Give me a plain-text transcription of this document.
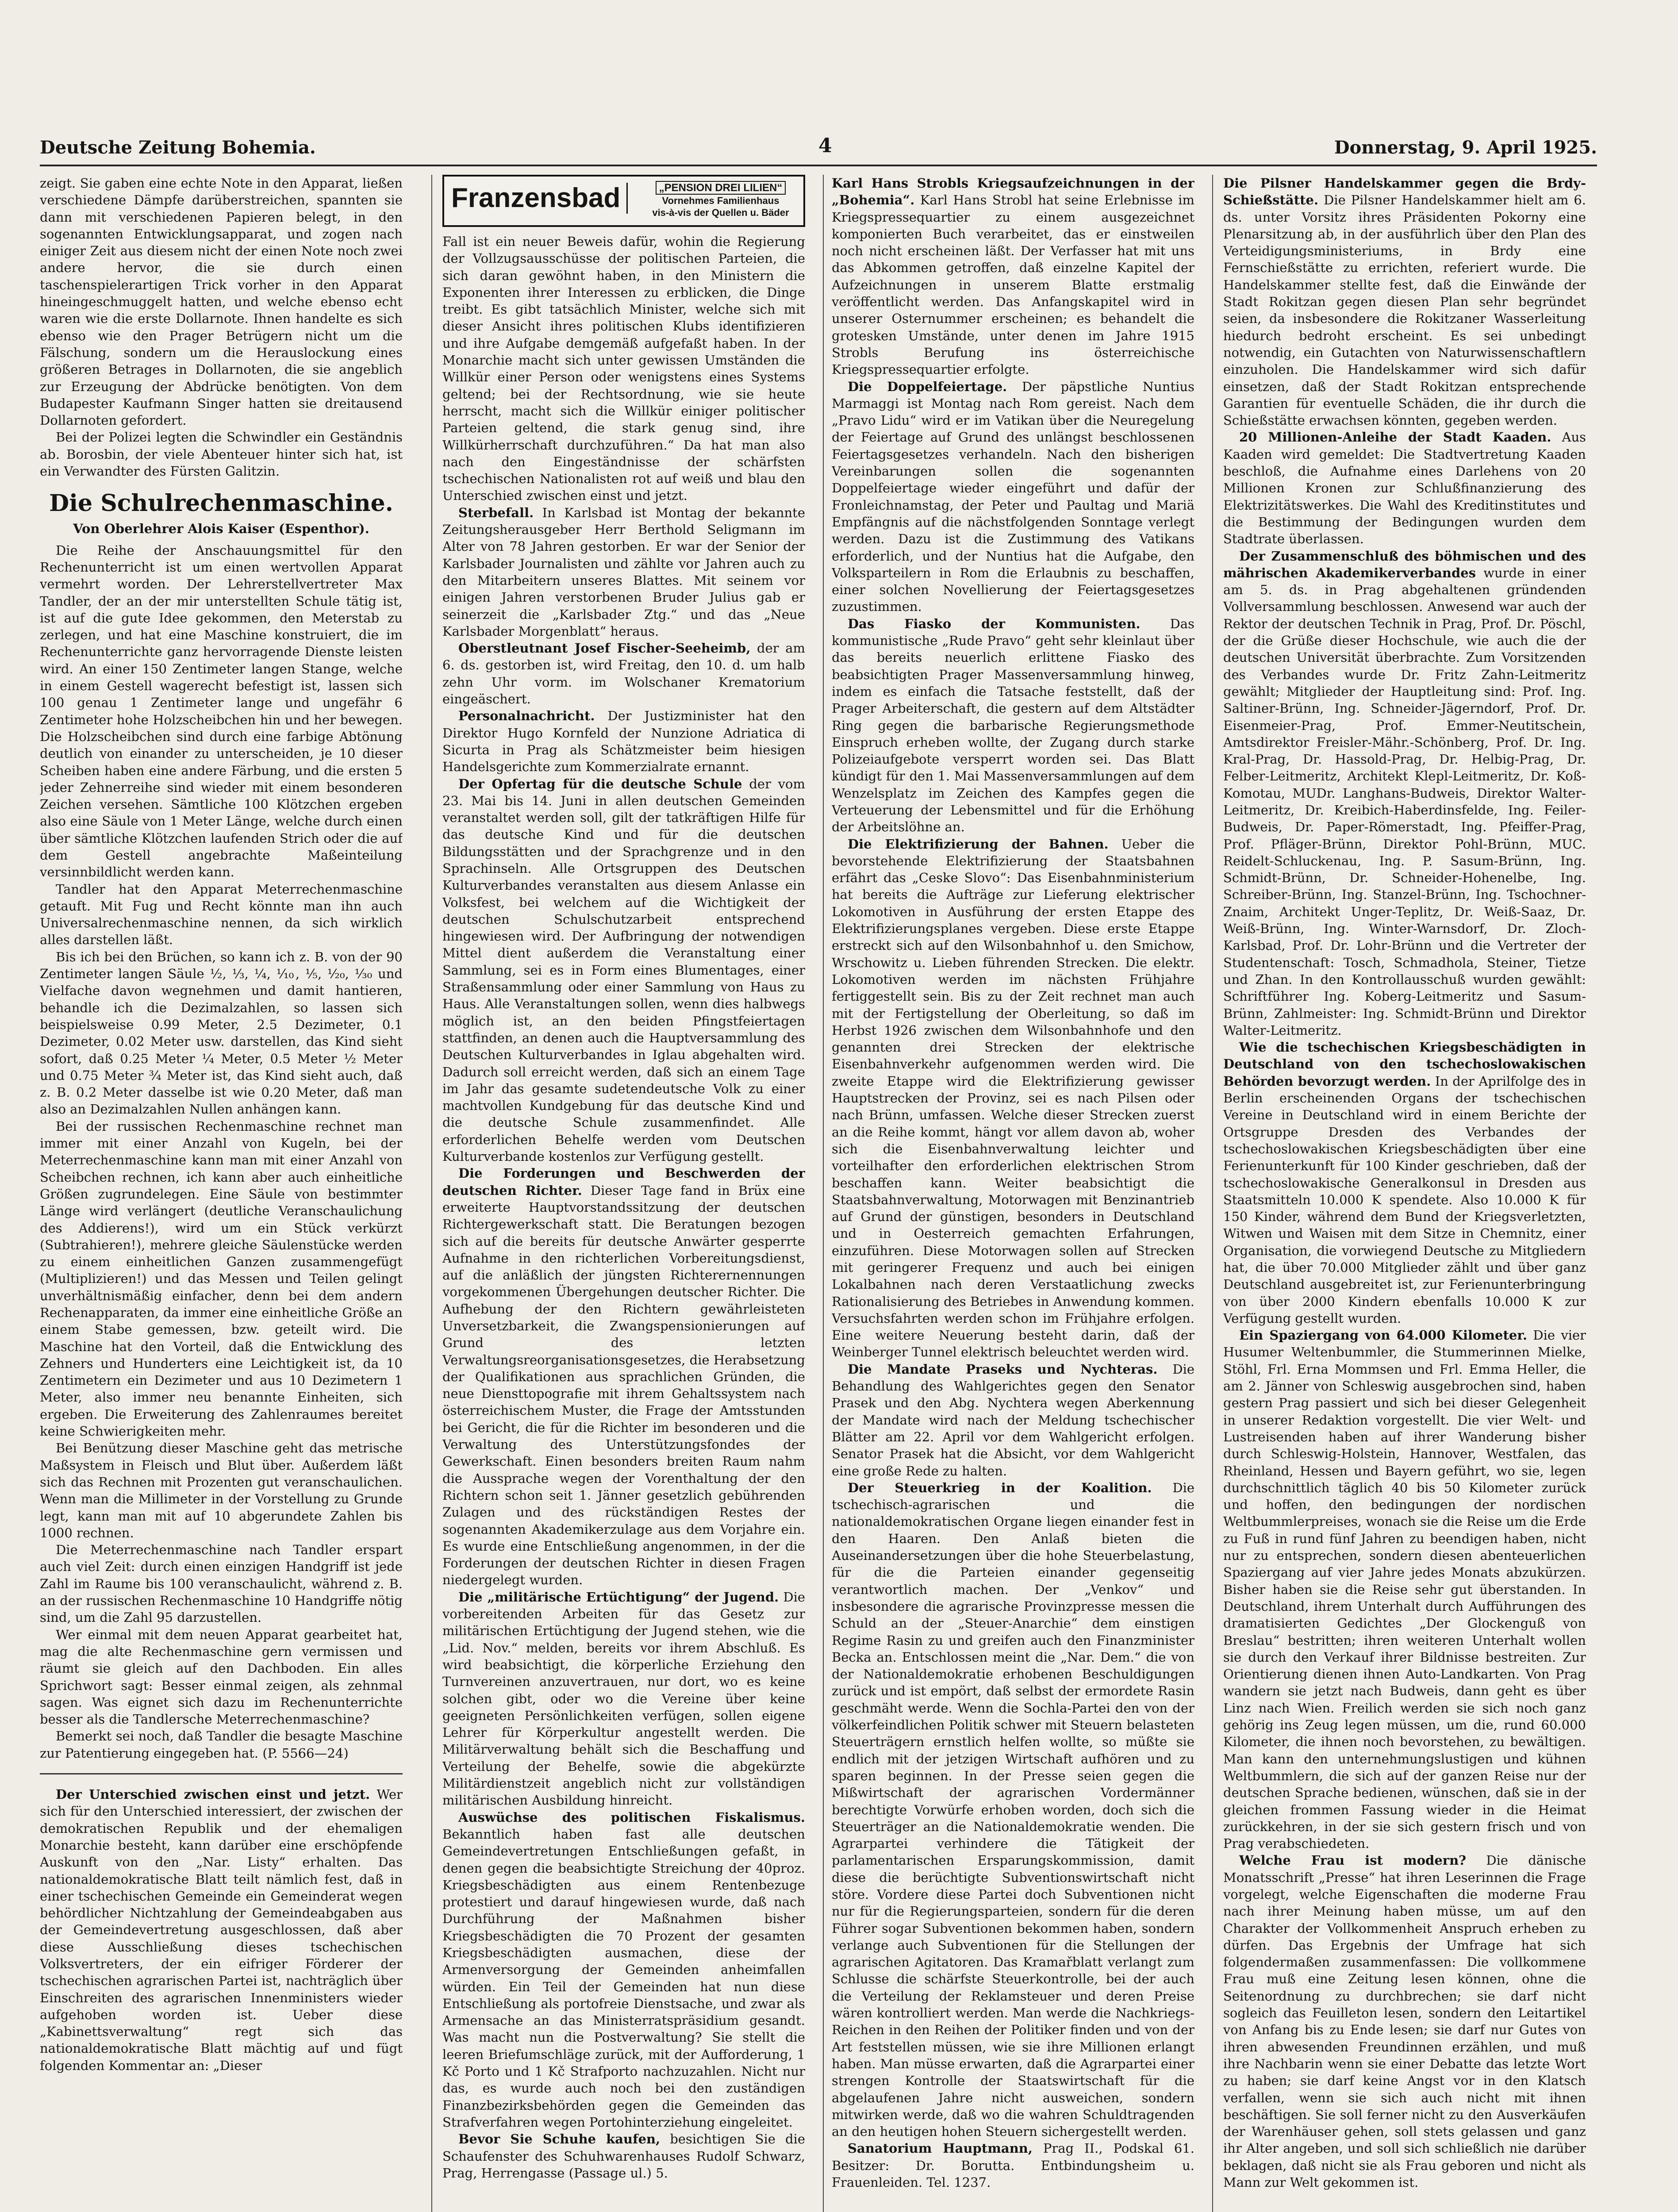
Deutsche Zeitung Bohemia.	4	Donnerstag, 9. April 1925.

zeigt. Sie gaben eine echte Note in den Apparat, ließen verschiedene Dämpfe darüberstreichen, spannten sie dann mit verschiedenen Papieren belegt, in den sogenannten Entwicklungsapparat, und zogen nach einiger Zeit aus diesem nicht der einen Note noch zwei andere hervor, die sie durch einen taschenspielerartigen Trick vorher in den Apparat hineingeschmuggelt hatten, und welche ebenso echt waren wie die erste Dollarnote. Ihnen handelte es sich ebenso wie den Prager Betrügern nicht um die Fälschung, sondern um die Herauslockung eines größeren Betrages in Dollarnoten, die sie angeblich zur Erzeugung der Abdrücke benötigten. Von dem Budapester Kaufmann Singer hatten sie dreitausend Dollarnoten gefordert.

Bei der Polizei legten die Schwindler ein Geständnis ab. Borosbin, der viele Abenteuer hinter sich hat, ist ein Verwandter des Fürsten Galitzin.

Die Schulrechenmaschine.

Von Oberlehrer Alois Kaiser (Espenthor).

Die Reihe der Anschauungsmittel für den Rechenunterricht ist um einen wertvollen Apparat vermehrt worden. Der Lehrerstellvertreter Max Tandler, der an der mir unterstellten Schule tätig ist, ist auf die gute Idee gekommen, den Meterstab zu zerlegen, und hat eine Maschine konstruiert, die im Rechenunterrichte ganz hervorragende Dienste leisten wird. An einer 150 Zentimeter langen Stange, welche in einem Gestell wagerecht befestigt ist, lassen sich 100 genau 1 Zentimeter lange und ungefähr 6 Zentimeter hohe Holzscheibchen hin und her bewegen. Die Holzscheibchen sind durch eine farbige Abtönung deutlich von einander zu unterscheiden, je 10 dieser Scheiben haben eine andere Färbung, und die ersten 5 jeder Zehnerreihe sind wieder mit einem besonderen Zeichen versehen. Sämtliche 100 Klötzchen ergeben also eine Säule von 1 Meter Länge, welche durch einen über sämtliche Klötzchen laufenden Strich oder die auf dem Gestell angebrachte Maßeinteilung versinnbildlicht werden kann.

Tandler hat den Apparat Meterrechenmaschine getauft. Mit Fug und Recht könnte man ihn auch Universalrechenmaschine nennen, da sich wirklich alles darstellen läßt.

Bis ich bei den Brüchen, so kann ich z. B. von der 90 Zentimeter langen Säule ½, ⅓, ¼, ⅒, ⅕, ⅟₂₀, ⅟₃₀ und Vielfache davon wegnehmen und damit hantieren, behandle ich die Dezimalzahlen, so lassen sich beispielsweise 0.99 Meter, 2.5 Dezimeter, 0.1 Dezimeter, 0.02 Meter usw. darstellen, das Kind sieht sofort, daß 0.25 Meter ¼ Meter, 0.5 Meter ½ Meter und 0.75 Meter ¾ Meter ist, das Kind sieht auch, daß z. B. 0.2 Meter dasselbe ist wie 0.20 Meter, daß man also an Dezimalzahlen Nullen anhängen kann.

Bei der russischen Rechenmaschine rechnet man immer mit einer Anzahl von Kugeln, bei der Meterrechenmaschine kann man mit einer Anzahl von Scheibchen rechnen, ich kann aber auch einheitliche Größen zugrundelegen. Eine Säule von bestimmter Länge wird verlängert (deutliche Veranschaulichung des Addierens!), wird um ein Stück verkürzt (Subtrahieren!), mehrere gleiche Säulenstücke werden zu einem einheitlichen Ganzen zusammengefügt (Multiplizieren!) und das Messen und Teilen gelingt unverhältnismäßig einfacher, denn bei dem andern Rechenapparaten, da immer eine einheitliche Größe an einem Stabe gemessen, bzw. geteilt wird. Die Maschine hat den Vorteil, daß die Entwicklung des Zehners und Hunderters eine Leichtigkeit ist, da 10 Zentimetern ein Dezimeter und aus 10 Dezimetern 1 Meter, also immer neu benannte Einheiten, sich ergeben. Die Erweiterung des Zahlenraumes bereitet keine Schwierigkeiten mehr.

Bei Benützung dieser Maschine geht das metrische Maßsystem in Fleisch und Blut über. Außerdem läßt sich das Rechnen mit Prozenten gut veranschaulichen. Wenn man die Millimeter in der Vorstellung zu Grunde legt, kann man mit auf 10 abgerundete Zahlen bis 1000 rechnen.

Die Meterrechenmaschine nach Tandler erspart auch viel Zeit: durch einen einzigen Handgriff ist jede Zahl im Raume bis 100 veranschaulicht, während z. B. an der russischen Rechenmaschine 10 Handgriffe nötig sind, um die Zahl 95 darzustellen.

Wer einmal mit dem neuen Apparat gearbeitet hat, mag die alte Rechenmaschine gern vermissen und räumt sie gleich auf den Dachboden. Ein alles Sprichwort sagt: Besser einmal zeigen, als zehnmal sagen. Was eignet sich dazu im Rechenunterrichte besser als die Tandlersche Meterrechenmaschine?

Bemerkt sei noch, daß Tandler die besagte Maschine zur Patentierung eingegeben hat. (P. 5566—24)

Der Unterschied zwischen einst und jetzt. Wer sich für den Unterschied interessiert, der zwischen der demokratischen Republik und der ehemaligen Monarchie besteht, kann darüber eine erschöpfende Auskunft von den „Nar. Listy“ erhalten. Das nationaldemokratische Blatt teilt nämlich fest, daß in einer tschechischen Gemeinde ein Gemeinderat wegen behördlicher Nichtzahlung der Gemeindeabgaben aus der Gemeindevertretung ausgeschlossen, daß aber diese Ausschließung dieses tschechischen Volksvertreters, der ein eifriger Förderer der tschechischen agrarischen Partei ist, nachträglich über Einschreiten des agrarischen Innenministers wieder aufgehoben worden ist. Ueber diese „Kabinettsverwaltung“ regt sich das nationaldemokratische Blatt mächtig auf und fügt folgenden Kommentar an: „Dieser

Franzensbad	„PENSION DREI LILIEN“
Vornehmes Familienhaus
vis-à-vis der Quellen u. Bäder

Fall ist ein neuer Beweis dafür, wohin die Regierung der Vollzugsausschüsse der politischen Parteien, die sich daran gewöhnt haben, in den Ministern die Exponenten ihrer Interessen zu erblicken, die Dinge treibt. Es gibt tatsächlich Minister, welche sich mit dieser Ansicht ihres politischen Klubs identifizieren und ihre Aufgabe demgemäß aufgefaßt haben. In der Monarchie macht sich unter gewissen Umständen die Willkür einer Person oder wenigstens eines Systems geltend; bei der Rechtsordnung, wie sie heute herrscht, macht sich die Willkür einiger politischer Parteien geltend, die stark genug sind, ihre Willkürherrschaft durchzuführen.“ Da hat man also nach den Eingeständnisse der schärfsten tschechischen Nationalisten rot auf weiß und blau den Unterschied zwischen einst und jetzt.

Sterbefall. In Karlsbad ist Montag der bekannte Zeitungsherausgeber Herr Berthold Seligmann im Alter von 78 Jahren gestorben. Er war der Senior der Karlsbader Journalisten und zählte vor Jahren auch zu den Mitarbeitern unseres Blattes. Mit seinem vor einigen Jahren verstorbenen Bruder Julius gab er seinerzeit die „Karlsbader Ztg.“ und das „Neue Karlsbader Morgenblatt“ heraus.

Oberstleutnant Josef Fischer-Seeheimb, der am 6. ds. gestorben ist, wird Freitag, den 10. d. um halb zehn Uhr vorm. im Wolschaner Krematorium eingeäschert.

Personalnachricht. Der Justizminister hat den Direktor Hugo Kornfeld der Nunzione Adriatica di Sicurta in Prag als Schätzmeister beim hiesigen Handelsgerichte zum Kommerzialrate ernannt.

Der Opfertag für die deutsche Schule der vom 23. Mai bis 14. Juni in allen deutschen Gemeinden veranstaltet werden soll, gilt der tatkräftigen Hilfe für das deutsche Kind und für die deutschen Bildungsstätten und der Sprachgrenze und in den Sprachinseln. Alle Ortsgruppen des Deutschen Kulturverbandes veranstalten aus diesem Anlasse ein Volksfest, bei welchem auf die Wichtigkeit der deutschen Schulschutzarbeit entsprechend hingewiesen wird. Der Aufbringung der notwendigen Mittel dient außerdem die Veranstaltung einer Sammlung, sei es in Form eines Blumentages, einer Straßensammlung oder einer Sammlung von Haus zu Haus. Alle Veranstaltungen sollen, wenn dies halbwegs möglich ist, an den beiden Pfingstfeiertagen stattfinden, an denen auch die Hauptversammlung des Deutschen Kulturverbandes in Iglau abgehalten wird. Dadurch soll erreicht werden, daß sich an einem Tage im Jahr das gesamte sudetendeutsche Volk zu einer machtvollen Kundgebung für das deutsche Kind und die deutsche Schule zusammenfindet. Alle erforderlichen Behelfe werden vom Deutschen Kulturverbande kostenlos zur Verfügung gestellt.

Die Forderungen und Beschwerden der deutschen Richter. Dieser Tage fand in Brüx eine erweiterte Hauptvorstandssitzung der deutschen Richtergewerkschaft statt. Die Beratungen bezogen sich auf die bereits für deutsche Anwärter gesperrte Aufnahme in den richterlichen Vorbereitungsdienst, auf die anläßlich der jüngsten Richterernennungen vorgekommenen Übergehungen deutscher Richter. Die Aufhebung der den Richtern gewährleisteten Unversetzbarkeit, die Zwangspensionierungen auf Grund des letzten Verwaltungsreorganisationsgesetzes, die Herabsetzung der Qualifikationen aus sprachlichen Gründen, die neue Diensttopografie mit ihrem Gehaltssystem nach österreichischem Muster, die Frage der Amtsstunden bei Gericht, die für die Richter im besonderen und die Verwaltung des Unterstützungsfondes der Gewerkschaft. Einen besonders breiten Raum nahm die Aussprache wegen der Vorenthaltung der den Richtern schon seit 1. Jänner gesetzlich gebührenden Zulagen und des rückständigen Restes der sogenannten Akademikerzulage aus dem Vorjahre ein. Es wurde eine Entschließung angenommen, in der die Forderungen der deutschen Richter in diesen Fragen niedergelegt wurden.

Die „militärische Ertüchtigung“ der Jugend. Die vorbereitenden Arbeiten für das Gesetz zur militärischen Ertüchtigung der Jugend stehen, wie die „Lid. Nov.“ melden, bereits vor ihrem Abschluß. Es wird beabsichtigt, die körperliche Erziehung den Turnvereinen anzuvertrauen, nur dort, wo es keine solchen gibt, oder wo die Vereine über keine geeigneten Persönlichkeiten verfügen, sollen eigene Lehrer für Körperkultur angestellt werden. Die Militärverwaltung behält sich die Beschaffung und Verteilung der Behelfe, sowie die abgekürzte Militärdienstzeit angeblich nicht zur vollständigen militärischen Ausbildung hinreicht.

Auswüchse des politischen Fiskalismus. Bekanntlich haben fast alle deutschen Gemeindevertretungen Entschließungen gefaßt, in denen gegen die beabsichtigte Streichung der 40proz. Kriegsbeschädigten aus einem Rentenbezuge protestiert und darauf hingewiesen wurde, daß nach Durchführung der Maßnahmen bisher Kriegsbeschädigten die 70 Prozent der gesamten Kriegsbeschädigten ausmachen, diese der Armenversorgung der Gemeinden anheimfallen würden. Ein Teil der Gemeinden hat nun diese Entschließung als portofreie Dienstsache, und zwar als Armensache an das Ministerratspräsidium gesandt. Was macht nun die Postverwaltung? Sie stellt die leeren Briefumschläge zurück, mit der Aufforderung, 1 Kč Porto und 1 Kč Strafporto nachzuzahlen. Nicht nur das, es wurde auch noch bei den zuständigen Finanzbezirksbehörden gegen die Gemeinden das Strafverfahren wegen Portohinterziehung eingeleitet.

Bevor Sie Schuhe kaufen, besichtigen Sie die Schaufenster des Schuhwarenhauses Rudolf Schwarz, Prag, Herrengasse (Passage ul.) 5.

Karl Hans Strobls Kriegsaufzeichnungen in der „Bohemia“. Karl Hans Strobl hat seine Erlebnisse im Kriegspressequartier zu einem ausgezeichnet komponierten Buch verarbeitet, das er einstweilen noch nicht erscheinen läßt. Der Verfasser hat mit uns das Abkommen getroffen, daß einzelne Kapitel der Aufzeichnungen in unserem Blatte erstmalig veröffentlicht werden. Das Anfangskapitel wird in unserer Osternummer erscheinen; es behandelt die grotesken Umstände, unter denen im Jahre 1915 Strobls Berufung ins österreichische Kriegspressequartier erfolgte.

Die Doppelfeiertage. Der päpstliche Nuntius Marmaggi ist Montag nach Rom gereist. Nach dem „Pravo Lidu“ wird er im Vatikan über die Neuregelung der Feiertage auf Grund des unlängst beschlossenen Feiertagsgesetzes verhandeln. Nach den bisherigen Vereinbarungen sollen die sogenannten Doppelfeiertage wieder eingeführt und dafür der Fronleichnamstag, der Peter und Paultag und Mariä Empfängnis auf die nächstfolgenden Sonntage verlegt werden. Dazu ist die Zustimmung des Vatikans erforderlich, und der Nuntius hat die Aufgabe, den Volksparteilern in Rom die Erlaubnis zu beschaffen, einer solchen Novellierung der Feiertagsgesetzes zuzustimmen.

Das Fiasko der Kommunisten. Das kommunistische „Rude Pravo“ geht sehr kleinlaut über das bereits neuerlich erlittene Fiasko des beabsichtigten Prager Massenversammlung hinweg, indem es einfach die Tatsache feststellt, daß der Prager Arbeiterschaft, die gestern auf dem Altstädter Ring gegen die barbarische Regierungsmethode Einspruch erheben wollte, der Zugang durch starke Polizeiaufgebote versperrt worden sei. Das Blatt kündigt für den 1. Mai Massenversammlungen auf dem Wenzelsplatz im Zeichen des Kampfes gegen die Verteuerung der Lebensmittel und für die Erhöhung der Arbeitslöhne an.

Die Elektrifizierung der Bahnen. Ueber die bevorstehende Elektrifizierung der Staatsbahnen erfährt das „Ceske Slovo“: Das Eisenbahnministerium hat bereits die Aufträge zur Lieferung elektrischer Lokomotiven in Ausführung der ersten Etappe des Elektrifizierungsplanes vergeben. Diese erste Etappe erstreckt sich auf den Wilsonbahnhof u. den Smichow, Wrschowitz u. Lieben führenden Strecken. Die elektr. Lokomotiven werden im nächsten Frühjahre fertiggestellt sein. Bis zu der Zeit rechnet man auch mit der Fertigstellung der Oberleitung, so daß im Herbst 1926 zwischen dem Wilsonbahnhofe und den genannten drei Strecken der elektrische Eisenbahnverkehr aufgenommen werden wird. Die zweite Etappe wird die Elektrifizierung gewisser Hauptstrecken der Provinz, sei es nach Pilsen oder nach Brünn, umfassen. Welche dieser Strecken zuerst an die Reihe kommt, hängt vor allem davon ab, woher sich die Eisenbahnverwaltung leichter und vorteilhafter den erforderlichen elektrischen Strom beschaffen kann. Weiter beabsichtigt die Staatsbahnverwaltung, Motorwagen mit Benzinantrieb auf Grund der günstigen, besonders in Deutschland und in Oesterreich gemachten Erfahrungen, einzuführen. Diese Motorwagen sollen auf Strecken mit geringerer Frequenz und auch bei einigen Lokalbahnen nach deren Verstaatlichung zwecks Rationalisierung des Betriebes in Anwendung kommen. Versuchsfahrten werden schon im Frühjahre erfolgen. Eine weitere Neuerung besteht darin, daß der Weinberger Tunnel elektrisch beleuchtet werden wird.

Die Mandate Praseks und Nychteras. Die Behandlung des Wahlgerichtes gegen den Senator Prasek und den Abg. Nychtera wegen Aberkennung der Mandate wird nach der Meldung tschechischer Blätter am 22. April vor dem Wahlgericht erfolgen. Senator Prasek hat die Absicht, vor dem Wahlgericht eine große Rede zu halten.

Der Steuerkrieg in der Koalition. Die tschechisch-agrarischen und die nationaldemokratischen Organe liegen einander fest in den Haaren. Den Anlaß bieten die Auseinandersetzungen über die hohe Steuerbelastung, für die die Parteien einander gegenseitig verantwortlich machen. Der „Venkov“ und insbesondere die agrarische Provinzpresse messen die Schuld an der „Steuer-Anarchie“ dem einstigen Regime Rasin zu und greifen auch den Finanzminister Becka an. Entschlossen meint die „Nar. Dem.“ die von der Nationaldemokratie erhobenen Beschuldigungen zurück und ist empört, daß selbst der ermordete Rasin geschmäht werde. Wenn die Sochla-Partei den von der völkerfeindlichen Politik schwer mit Steuern belasteten Steuerträgern ernstlich helfen wollte, so müßte sie endlich mit der jetzigen Wirtschaft aufhören und zu sparen beginnen. In der Presse seien gegen die Mißwirtschaft der agrarischen Vordermänner berechtigte Vorwürfe erhoben worden, doch sich die Steuerträger an die Nationaldemokratie wenden. Die Agrarpartei verhindere die Tätigkeit der parlamentarischen Ersparungskommission, damit diese die berüchtigte Subventionswirtschaft nicht störe. Vordere diese Partei doch Subventionen nicht nur für die Regierungsparteien, sondern für die deren Führer sogar Subventionen bekommen haben, sondern verlange auch Subventionen für die Stellungen der agrarischen Agitatoren. Das Kramařblatt verlangt zum Schlusse die schärfste Steuerkontrolle, bei der auch die Verteilung der Reklamsteuer und deren Preise wären kontrolliert werden. Man werde die Nachkriegs-Reichen in den Reihen der Politiker finden und von der Art feststellen müssen, wie sie ihre Millionen erlangt haben. Man müsse erwarten, daß die Agrarpartei einer strengen Kontrolle der Staatswirtschaft für die abgelaufenen Jahre nicht ausweichen, sondern mitwirken werde, daß wo die wahren Schuldtragenden an den heutigen hohen Steuern sichergestellt werden.

Sanatorium Hauptmann, Prag II., Podskal 61. Besitzer: Dr. Borutta. Entbindungsheim u. Frauenleiden. Tel. 1237.

Die Pilsner Handelskammer gegen die Brdy-Schießstätte. Die Pilsner Handelskammer hielt am 6. ds. unter Vorsitz ihres Präsidenten Pokorny eine Plenarsitzung ab, in der ausführlich über den Plan des Verteidigungsministeriums, in Brdy eine Fernschießstätte zu errichten, referiert wurde. Die Handelskammer stellte fest, daß die Einwände der Stadt Rokitzan gegen diesen Plan sehr begründet seien, da insbesondere die Rokitzaner Wasserleitung hiedurch bedroht erscheint. Es sei unbedingt notwendig, ein Gutachten von Naturwissenschaftlern einzuholen. Die Handelskammer wird sich dafür einsetzen, daß der Stadt Rokitzan entsprechende Garantien für eventuelle Schäden, die ihr durch die Schießstätte erwachsen könnten, gegeben werden.

20 Millionen-Anleihe der Stadt Kaaden. Aus Kaaden wird gemeldet: Die Stadtvertretung Kaaden beschloß, die Aufnahme eines Darlehens von 20 Millionen Kronen zur Schlußfinanzierung des Elektrizitätswerkes. Die Wahl des Kreditinstitutes und die Bestimmung der Bedingungen wurden dem Stadtrate überlassen.

Der Zusammenschluß des böhmischen und des mährischen Akademikerverbandes wurde in einer am 5. ds. in Prag abgehaltenen gründenden Vollversammlung beschlossen. Anwesend war auch der Rektor der deutschen Technik in Prag, Prof. Dr. Pöschl, der die Grüße dieser Hochschule, wie auch die der deutschen Universität überbrachte. Zum Vorsitzenden des Verbandes wurde Dr. Fritz Zahn-Leitmeritz gewählt; Mitglieder der Hauptleitung sind: Prof. Ing. Saltiner-Brünn, Ing. Schneider-Jägerndorf, Prof. Dr. Eisenmeier-Prag, Prof. Emmer-Neutitschein, Amtsdirektor Freisler-Mähr.-Schönberg, Prof. Dr. Ing. Kral-Prag, Dr. Hassold-Prag, Dr. Helbig-Prag, Dr. Felber-Leitmeritz, Architekt Klepl-Leitmeritz, Dr. Koß-Komotau, MUDr. Langhans-Budweis, Direktor Walter-Leitmeritz, Dr. Kreibich-Haberdinsfelde, Ing. Feiler-Budweis, Dr. Paper-Römerstadt, Ing. Pfeiffer-Prag, Prof. Pfläger-Brünn, Direktor Pohl-Brünn, MUC. Reidelt-Schluckenau, Ing. P. Sasum-Brünn, Ing. Schmidt-Brünn, Dr. Schneider-Hohenelbe, Ing. Schreiber-Brünn, Ing. Stanzel-Brünn, Ing. Tschochner-Znaim, Architekt Unger-Teplitz, Dr. Weiß-Saaz, Dr. Weiß-Brünn, Ing. Winter-Warnsdorf, Dr. Zloch-Karlsbad, Prof. Dr. Lohr-Brünn und die Vertreter der Studentenschaft: Tosch, Schmadhola, Steiner, Tietze und Zhan. In den Kontrollausschuß wurden gewählt: Schriftführer Ing. Koberg-Leitmeritz und Sasum-Brünn, Zahlmeister: Ing. Schmidt-Brünn und Direktor Walter-Leitmeritz.

Wie die tschechischen Kriegsbeschädigten in Deutschland von den tschechoslowakischen Behörden bevorzugt werden. In der Aprilfolge des in Berlin erscheinenden Organs der tschechischen Vereine in Deutschland wird in einem Berichte der Ortsgruppe Dresden des Verbandes der tschechoslowakischen Kriegsbeschädigten über eine Ferienunterkunft für 100 Kinder geschrieben, daß der tschechoslowakische Generalkonsul in Dresden aus Staatsmitteln 10.000 K spendete. Also 10.000 K für 150 Kinder, während dem Bund der Kriegsverletzten, Witwen und Waisen mit dem Sitze in Chemnitz, einer Organisation, die vorwiegend Deutsche zu Mitgliedern hat, die über 70.000 Mitglieder zählt und über ganz Deutschland ausgebreitet ist, zur Ferienunterbringung von über 2000 Kindern ebenfalls 10.000 K zur Verfügung gestellt wurden.

Ein Spaziergang von 64.000 Kilometer. Die vier Husumer Weltenbummler, die Stummerinnen Mielke, Stöhl, Frl. Erna Mommsen und Frl. Emma Heller, die am 2. Jänner von Schleswig ausgebrochen sind, haben gestern Prag passiert und sich bei dieser Gelegenheit in unserer Redaktion vorgestellt. Die vier Welt- und Lustreisenden haben auf ihrer Wanderung bisher durch Schleswig-Holstein, Hannover, Westfalen, das Rheinland, Hessen und Bayern geführt, wo sie, legen durchschnittlich täglich 40 bis 50 Kilometer zurück und hoffen, den bedingungen der nordischen Weltbummlerpreises, wonach sie die Reise um die Erde zu Fuß in rund fünf Jahren zu beendigen haben, nicht nur zu entsprechen, sondern diesen abenteuerlichen Spaziergang auf vier Jahre jedes Monats abzukürzen. Bisher haben sie die Reise sehr gut überstanden. In Deutschland, ihrem Unterhalt durch Aufführungen des dramatisierten Gedichtes „Der Glockenguß von Breslau“ bestritten; ihren weiteren Unterhalt wollen sie durch den Verkauf ihrer Bildnisse bestreiten. Zur Orientierung dienen ihnen Auto-Landkarten. Von Prag wandern sie jetzt nach Budweis, dann geht es über Linz nach Wien. Freilich werden sie sich noch ganz gehörig ins Zeug legen müssen, um die, rund 60.000 Kilometer, die ihnen noch bevorstehen, zu bewältigen. Man kann den unternehmungslustigen und kühnen Weltbummlern, die sich auf der ganzen Reise nur der deutschen Sprache bedienen, wünschen, daß sie in der gleichen frommen Fassung wieder in die Heimat zurückkehren, in der sie sich gestern frisch und von Prag verabschiedeten.

Welche Frau ist modern? Die dänische Monatsschrift „Presse“ hat ihren Leserinnen die Frage vorgelegt, welche Eigenschaften die moderne Frau nach ihrer Meinung haben müsse, um auf den Charakter der Vollkommenheit Anspruch erheben zu dürfen. Das Ergebnis der Umfrage hat sich folgendermaßen zusammenfassen: Die vollkommene Frau muß eine Zeitung lesen können, ohne die Seitenordnung zu durchbrechen; sie darf nicht sogleich das Feuilleton lesen, sondern den Leitartikel von Anfang bis zu Ende lesen; sie darf nur Gutes von ihren abwesenden Freundinnen erzählen, und muß ihre Nachbarin wenn sie einer Debatte das letzte Wort zu haben; sie darf keine Angst vor in den Klatsch verfallen, wenn sie sich auch nicht mit ihnen beschäftigen. Sie soll ferner nicht zu den Ausverkäufen der Warenhäuser gehen, soll stets gelassen und ganz ihr Alter angeben, und soll sich schließlich nie darüber beklagen, daß nicht sie als Frau geboren und nicht als Mann zur Welt gekommen ist.
